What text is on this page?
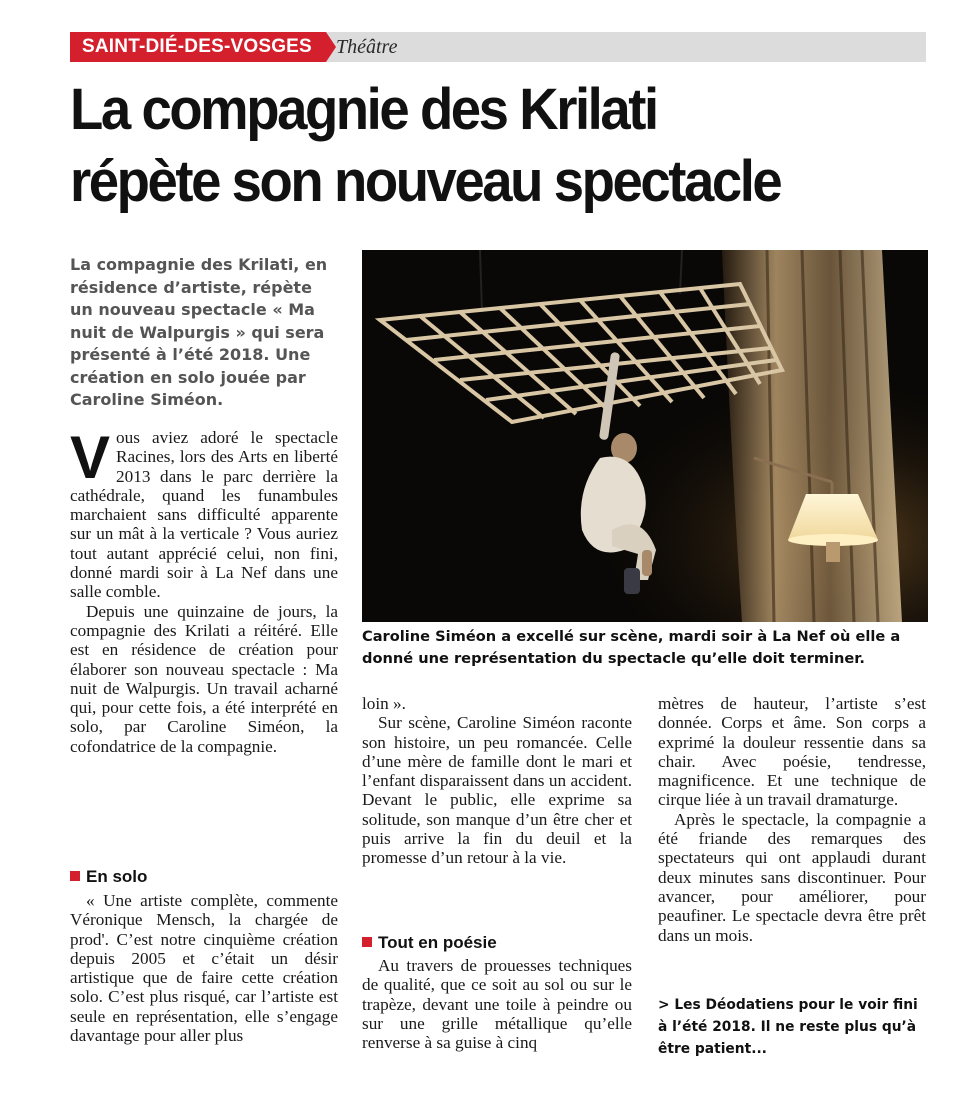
SAINT-DIÉ-DES-VOSGES	Théâtre
La compagnie des Krilati
répète son nouveau spectacle

La compagnie des Krilati, en résidence d’artiste, répète un nouveau spectacle « Ma nuit de Walpurgis » qui sera présenté à l’été 2018. Une création en solo jouée par Caroline Siméon.

Vous aviez adoré le spectacle Racines, lors des Arts en liberté 2013 dans le parc derrière la cathédrale, quand les funambules marchaient sans difficulté apparente sur un mât à la verticale ? Vous auriez tout autant apprécié celui, non fini, donné mardi soir à La Nef dans une salle comble.

Depuis une quinzaine de jours, la compagnie des Krilati a réitéré. Elle est en résidence de création pour élaborer son nouveau spectacle : Ma nuit de Walpurgis. Un travail acharné qui, pour cette fois, a été interprété en solo, par Caroline Siméon, la cofondatrice de la compagnie.

En solo

« Une artiste complète, commente Véronique Mensch, la chargée de prod'. C’est notre cinquième création depuis 2005 et c’était un désir artistique que de faire cette création solo. C’est plus risqué, car l’artiste est seule en représentation, elle s’engage davantage pour aller plus

Caroline Siméon a excellé sur scène, mardi soir à La Nef où elle a donné une représentation du spectacle qu’elle doit terminer.

loin ».

Sur scène, Caroline Siméon raconte son histoire, un peu romancée. Celle d’une mère de famille dont le mari et l’enfant disparaissent dans un accident. Devant le public, elle exprime sa solitude, son manque d’un être cher et puis arrive la fin du deuil et la promesse d’un retour à la vie.

Tout en poésie

Au travers de prouesses techniques de qualité, que ce soit au sol ou sur le trapèze, devant une toile à peindre ou sur une grille métallique qu’elle renverse à sa guise à cinq

mètres de hauteur, l’artiste s’est donnée. Corps et âme. Son corps a exprimé la douleur ressentie dans sa chair. Avec poésie, tendresse, magnificence. Et une technique de cirque liée à un travail dramaturge.

Après le spectacle, la compagnie a été friande des remarques des spectateurs qui ont applaudi durant deux minutes sans discontinuer. Pour avancer, pour améliorer, pour peaufiner. Le spectacle devra être prêt dans un mois.

> Les Déodatiens pour le voir fini à l’été 2018. Il ne reste plus qu’à être patient...
